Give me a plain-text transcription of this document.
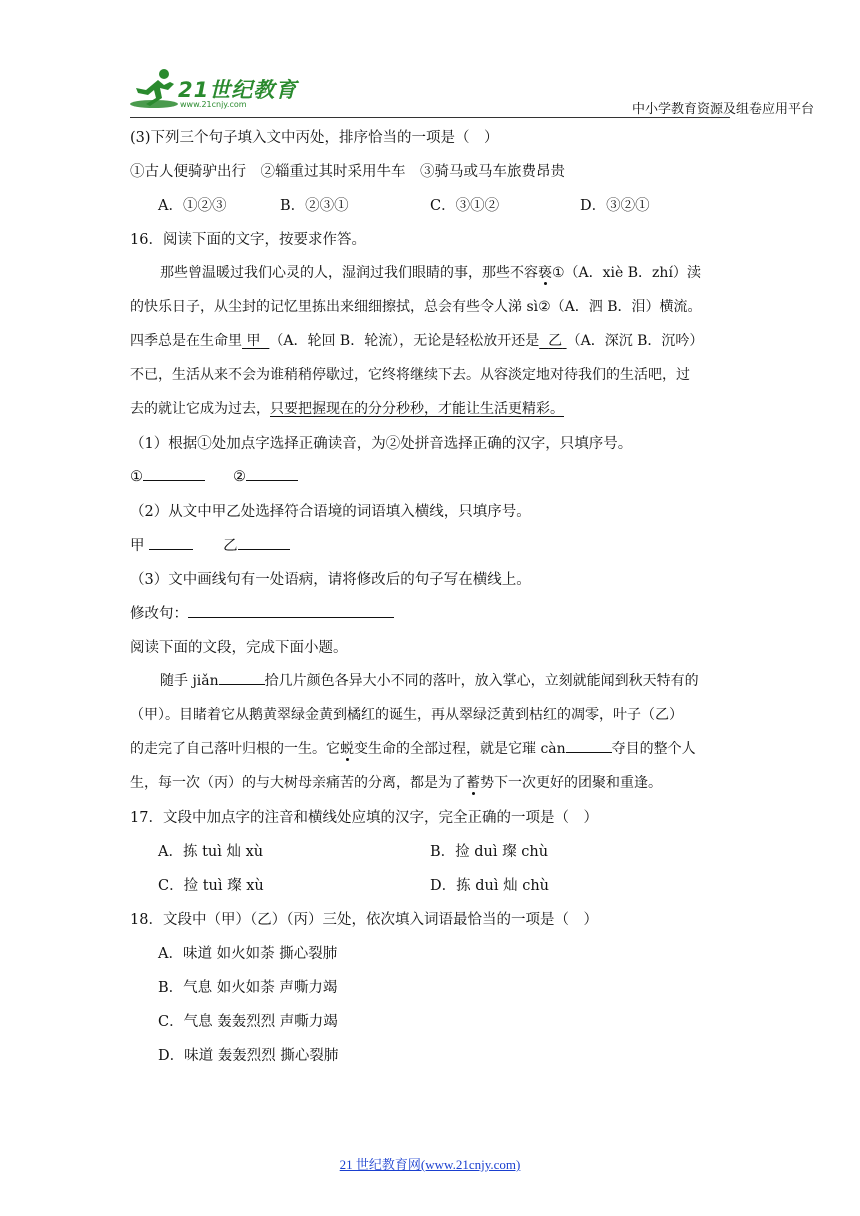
21世纪教育
www.21cnjy.com	中小学教育资源及组卷应用平台
(3)下列三个句子填入文中丙处，排序恰当的一项是（　）
①古人便骑驴出行　②辎重过其时采用牛车　③骑马或马车旅费昂贵
A．①②③	B．②③①	C．③①②	D．③②①
16．阅读下面的文字，按要求作答。
那些曾温暖过我们心灵的人，湿润过我们眼睛的事，那些不容亵①（A．xiè B．zhí）渎
的快乐日子，从尘封的记忆里拣出来细细擦拭，总会有些令人涕 sì②（A．泗 B．泪）横流。
四季总是在生命里 甲 （A．轮回 B．轮流），无论是轻松放开还是 乙 （A．深沉 B．沉吟）
不已，生活从来不会为谁稍稍停歇过，它终将继续下去。从容淡定地对待我们的生活吧，过
去的就让它成为过去，只要把握现在的分分秒秒，才能让生活更精彩。
（1）根据①处加点字选择正确读音，为②处拼音选择正确的汉字，只填序号。
①	②
（2）从文中甲乙处选择符合语境的词语填入横线，只填序号。
甲	乙
（3）文中画线句有一处语病，请将修改后的句子写在横线上。
修改句：
阅读下面的文段，完成下面小题。
随手 jiǎn	拾几片颜色各异大小不同的落叶，放入掌心，立刻就能闻到秋天特有的
（甲）。目睹着它从鹅黄翠绿金黄到橘红的诞生，再从翠绿泛黄到枯红的凋零，叶子（乙）
的走完了自己落叶归根的一生。它蜕变生命的全部过程，就是它璀 càn	夺目的整个人
生，每一次（丙）的与大树母亲痛苦的分离，都是为了蓄势下一次更好的团聚和重逢。
17．文段中加点字的注音和横线处应填的汉字，完全正确的一项是（　）
A．拣 tuì 灿 xù	B．捡 duì 璨 chù
C．捡 tuì 璨 xù	D．拣 duì 灿 chù
18．文段中（甲）（乙）（丙）三处，依次填入词语最恰当的一项是（　）
A．味道 如火如荼 撕心裂肺
B．气息 如火如荼 声嘶力竭
C．气息 轰轰烈烈 声嘶力竭
D．味道 轰轰烈烈 撕心裂肺
21 世纪教育网(www.21cnjy.com)
